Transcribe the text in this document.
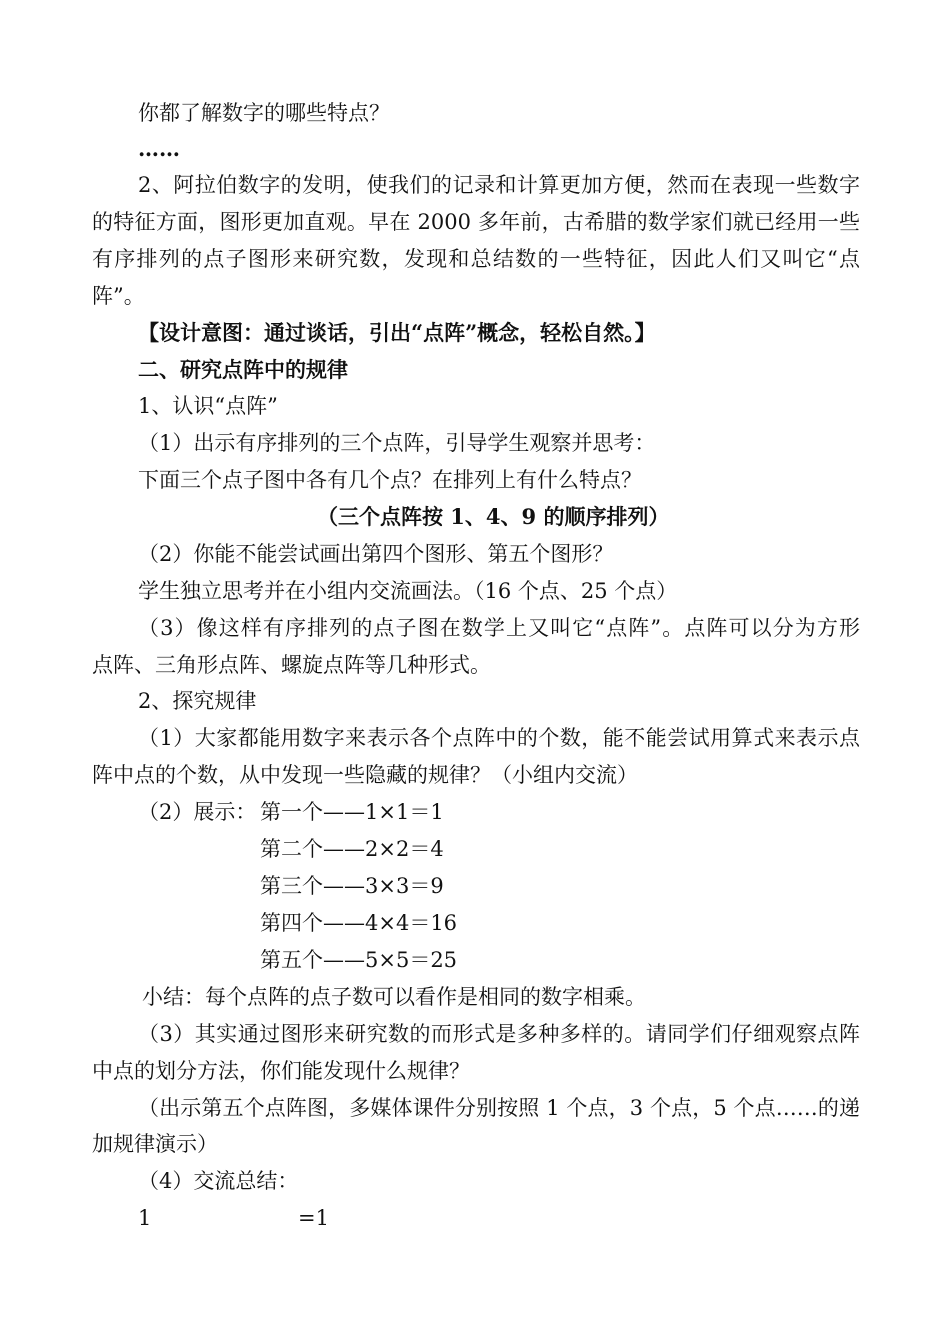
你都了解数字的哪些特点？
……
2、阿拉伯数字的发明，使我们的记录和计算更加方便，然而在表现一些数字
的特征方面，图形更加直观。早在 2000 多年前，古希腊的数学家们就已经用一些
有序排列的点子图形来研究数，发现和总结数的一些特征，因此人们又叫它“点
阵”。
【设计意图：通过谈话，引出“点阵”概念，轻松自然。】
二、研究点阵中的规律
1、认识“点阵”
（1）出示有序排列的三个点阵，引导学生观察并思考：
下面三个点子图中各有几个点？在排列上有什么特点？
（三个点阵按 1、4、9 的顺序排列）
（2）你能不能尝试画出第四个图形、第五个图形？
学生独立思考并在小组内交流画法。（16 个点、25 个点）
（3）像这样有序排列的点子图在数学上又叫它“点阵”。点阵可以分为方形
点阵、三角形点阵、螺旋点阵等几种形式。
2、探究规律
（1）大家都能用数字来表示各个点阵中的个数，能不能尝试用算式来表示点
阵中点的个数，从中发现一些隐藏的规律？（小组内交流）
（2）展示： 第一个——1×1＝1
第二个——2×2＝4
第三个——3×3＝9
第四个——4×4＝16
第五个——5×5＝25
小结：每个点阵的点子数可以看作是相同的数字相乘。
（3）其实通过图形来研究数的而形式是多种多样的。请同学们仔细观察点阵
中点的划分方法，你们能发现什么规律？
（出示第五个点阵图，多媒体课件分别按照 1 个点，3 个点，5 个点……的递
加规律演示）
（4）交流总结：
1	=1
